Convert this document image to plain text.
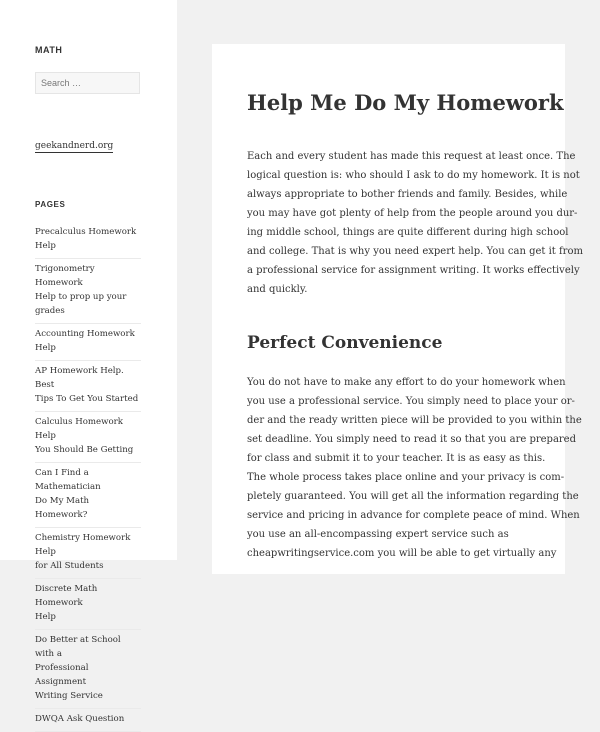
MATH
Search …
geekandnerd.org
PAGES
Precalculus Homework Help
Trigonometry Homework
Help to prop up your grades
Accounting Homework Help
AP Homework Help. Best
Tips To Get You Started
Calculus Homework Help
You Should Be Getting
Can I Find a Mathematician
Do My Math Homework?
Chemistry Homework Help
for All Students
Discrete Math Homework
Help
Do Better at School with a
Professional Assignment
Writing Service
DWQA Ask Question
Help Me Do My Homework
Each and every student has made this request at least once. The
logical question is: who should I ask to do my homework. It is not
always appropriate to bother friends and family. Besides, while
you may have got plenty of help from the people around you dur-
ing middle school, things are quite different during high school
and college. That is why you need expert help. You can get it from
a professional service for assignment writing. It works effectively
and quickly.
Perfect Convenience
You do not have to make any effort to do your homework when
you use a professional service. You simply need to place your or-
der and the ready written piece will be provided to you within the
set deadline. You simply need to read it so that you are prepared
for class and submit it to your teacher. It is as easy as this.
The whole process takes place online and your privacy is com-
pletely guaranteed. You will get all the information regarding the
service and pricing in advance for complete peace of mind. When
you use an all-encompassing expert service such as
cheapwritingservice.com you will be able to get virtually any
